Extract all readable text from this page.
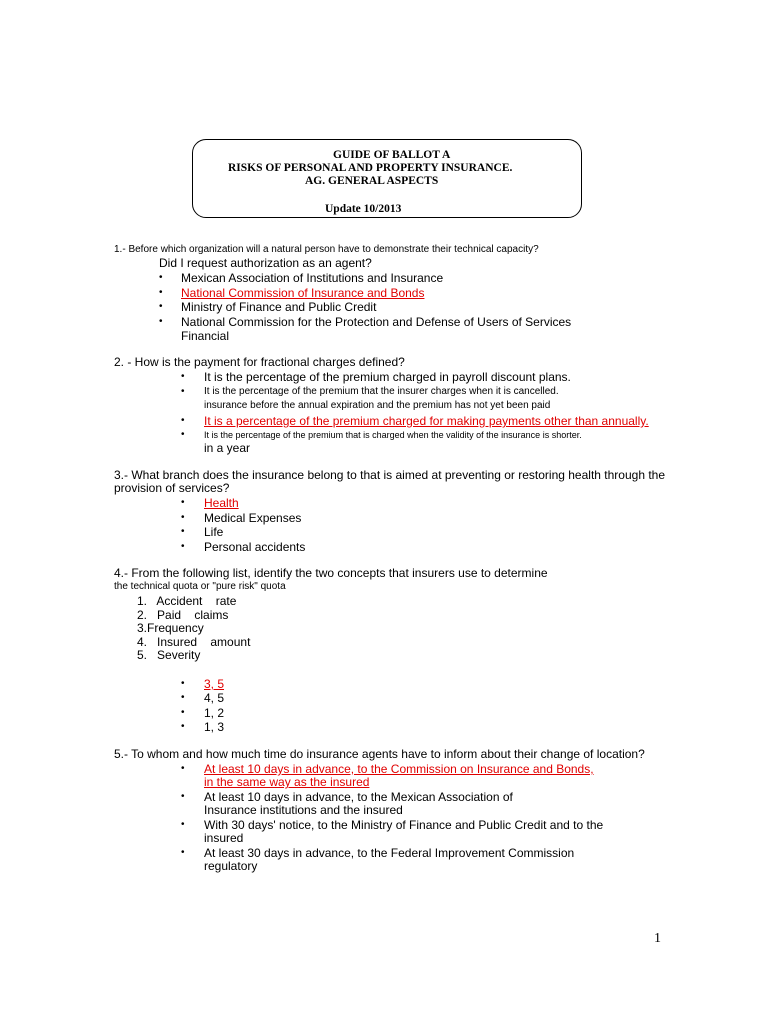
GUIDE OF BALLOT A
RISKS OF PERSONAL AND PROPERTY INSURANCE.
AG. GENERAL ASPECTS
Update 10/2013
1.- Before which organization will a natural person have to demonstrate their technical capacity?
Did I request authorization as an agent?
• Mexican Association of Institutions and Insurance
• National Commission of Insurance and Bonds
• Ministry of Finance and Public Credit
• National Commission for the Protection and Defense of Users of Services
Financial
2. - How is the payment for fractional charges defined?
• It is the percentage of the premium charged in payroll discount plans.
• It is the percentage of the premium that the insurer charges when it is cancelled.
insurance before the annual expiration and the premium has not yet been paid
• It is a percentage of the premium charged for making payments other than annually.
• It is the percentage of the premium that is charged when the validity of the insurance is shorter.
in a year
3.- What branch does the insurance belong to that is aimed at preventing or restoring health through the
provision of services?
• Health
• Medical Expenses
• Life
• Personal accidents
4.- From the following list, identify the two concepts that insurers use to determine
the technical quota or "pure risk" quota
1.   Accident    rate
2.   Paid    claims
3.Frequency
4.   Insured    amount
5.   Severity
• 3, 5
• 4, 5
• 1, 2
• 1, 3
5.- To whom and how much time do insurance agents have to inform about their change of location?
• At least 10 days in advance, to the Commission on Insurance and Bonds,
in the same way as the insured
• At least 10 days in advance, to the Mexican Association of
Insurance institutions and the insured
• With 30 days' notice, to the Ministry of Finance and Public Credit and to the
insured
• At least 30 days in advance, to the Federal Improvement Commission
regulatory
1
